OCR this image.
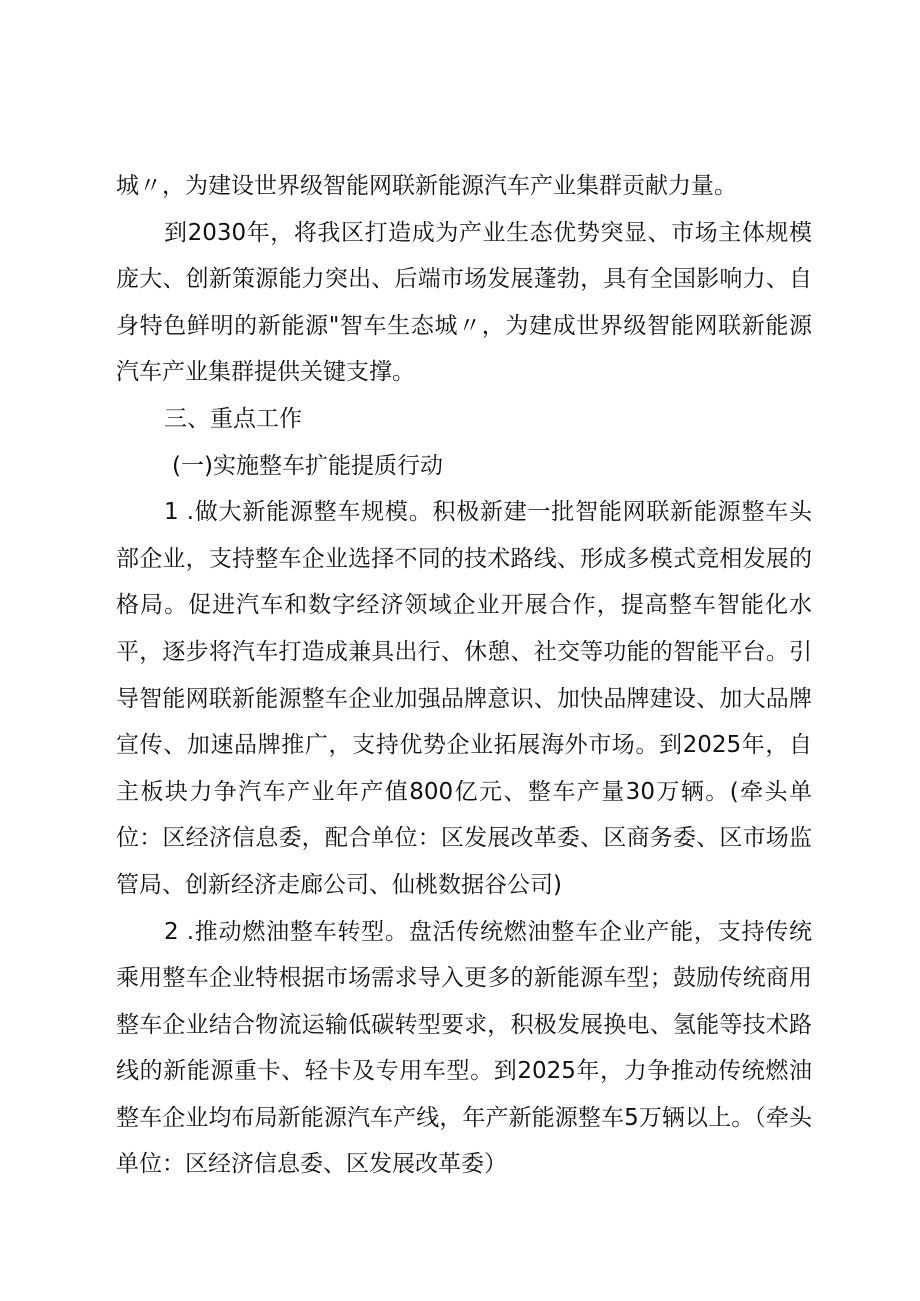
城〃，为建设世界级智能网联新能源汽车产业集群贡献力量。

到2030年，将我区打造成为产业生态优势突显、市场主体规模庞大、创新策源能力突出、后端市场发展蓬勃，具有全国影响力、自身特色鲜明的新能源"智车生态城〃，为建成世界级智能网联新能源汽车产业集群提供关键支撑。

三、重点工作

(一)实施整车扩能提质行动

1 .做大新能源整车规模。积极新建一批智能网联新能源整车头部企业，支持整车企业选择不同的技术路线、形成多模式竞相发展的格局。促进汽车和数字经济领域企业开展合作，提高整车智能化水平，逐步将汽车打造成兼具出行、休憩、社交等功能的智能平台。引导智能网联新能源整车企业加强品牌意识、加快品牌建设、加大品牌宣传、加速品牌推广，支持优势企业拓展海外市场。到2025年，自主板块力争汽车产业年产值800亿元、整车产量30万辆。(牵头单位：区经济信息委，配合单位：区发展改革委、区商务委、区市场监管局、创新经济走廊公司、仙桃数据谷公司)

2 .推动燃油整车转型。盘活传统燃油整车企业产能，支持传统乘用整车企业特根据市场需求导入更多的新能源车型；鼓励传统商用整车企业结合物流运输低碳转型要求，积极发展换电、氢能等技术路线的新能源重卡、轻卡及专用车型。到2025年，力争推动传统燃油整车企业均布局新能源汽车产线，年产新能源整车5万辆以上。（牵头单位：区经济信息委、区发展改革委）
